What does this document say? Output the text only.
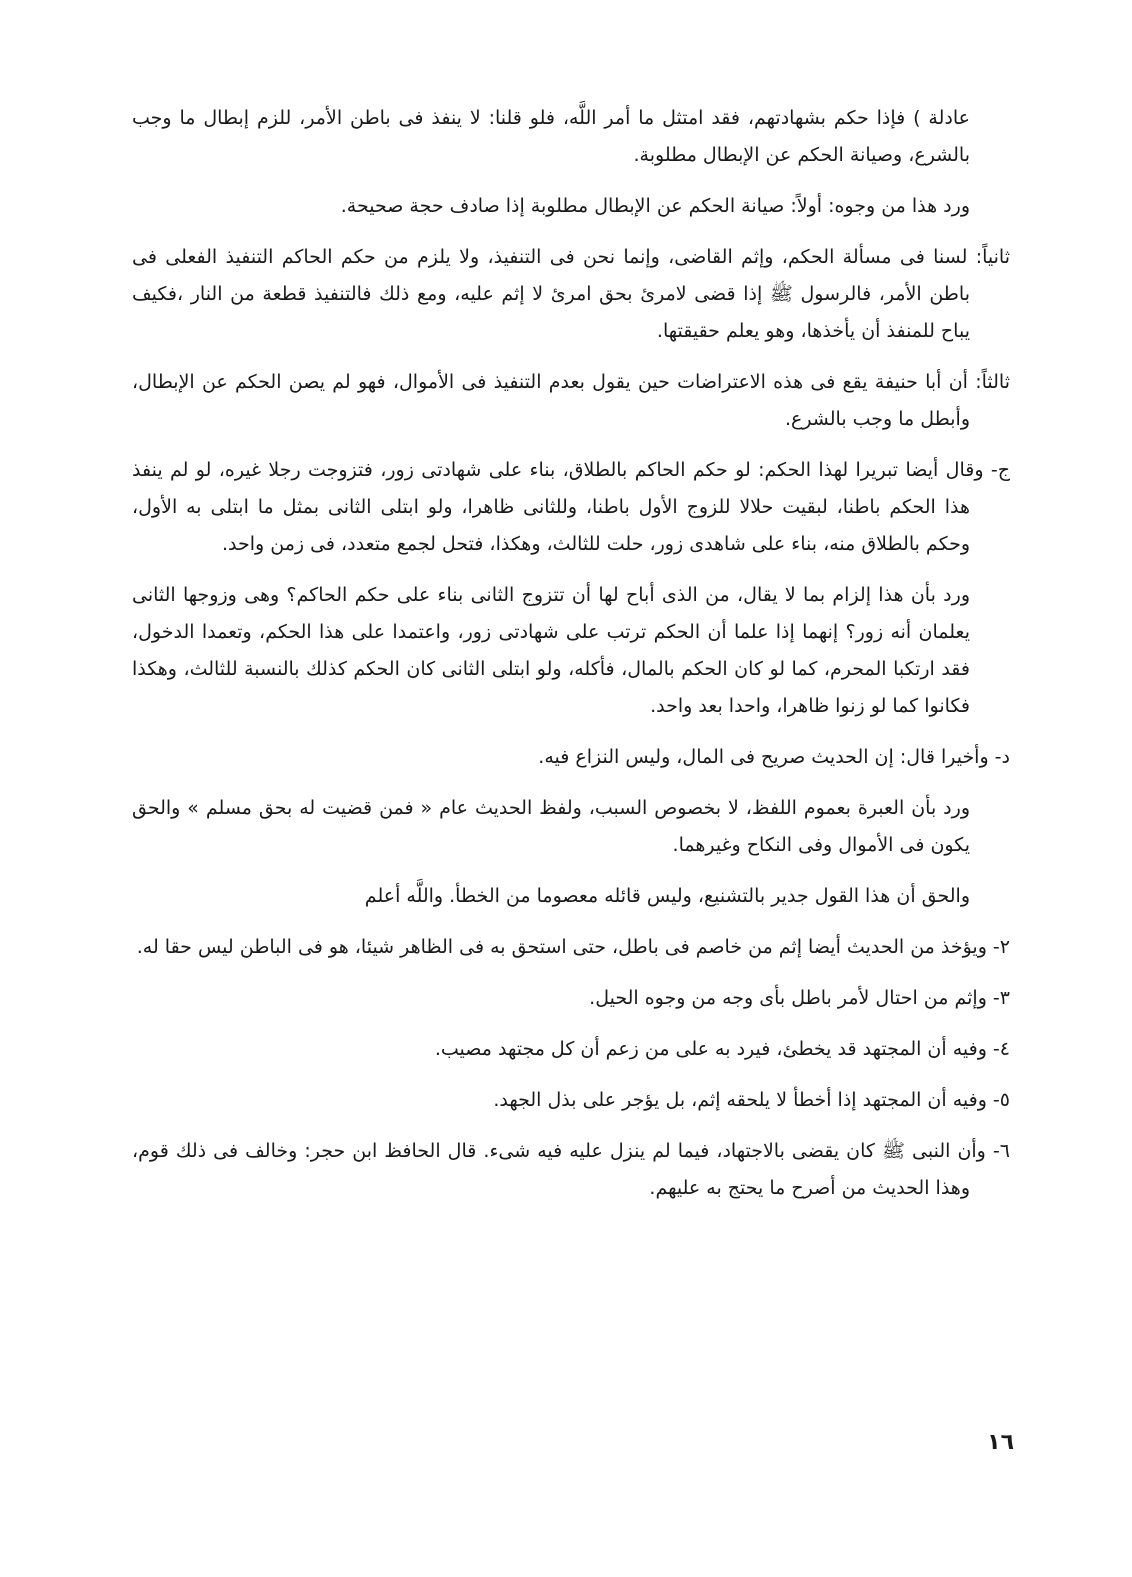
عادلة ) فإذا حكم بشهادتهم، فقد امتثل ما أمر اللَّه، فلو قلنا: لا ينفذ فى باطن الأمر، للزم إبطال ما وجب بالشرع، وصيانة الحكم عن الإبطال مطلوبة.

ورد هذا من وجوه: أولاً: صيانة الحكم عن الإبطال مطلوبة إذا صادف حجة صحيحة.

ثانياً: لسنا فى مسألة الحكم، وإثم القاضى، وإنما نحن فى التنفيذ، ولا يلزم من حكم الحاكم التنفيذ الفعلى فى باطن الأمر، فالرسول ﷺ إذا قضى لامرئ بحق امرئ لا إثم عليه، ومع ذلك فالتنفيذ قطعة من النار ،فكيف يباح للمنفذ أن يأخذها، وهو يعلم حقيقتها.

ثالثاً: أن أبا حنيفة يقع فى هذه الاعتراضات حين يقول بعدم التنفيذ فى الأموال، فهو لم يصن الحكم عن الإبطال، وأبطل ما وجب بالشرع.

ج- وقال أيضا تبريرا لهذا الحكم: لو حكم الحاكم بالطلاق، بناء على شهادتى زور، فتزوجت رجلا غيره، لو لم ينفذ هذا الحكم باطنا، لبقيت حلالا للزوج الأول باطنا، وللثانى ظاهرا، ولو ابتلى الثانى بمثل ما ابتلى به الأول، وحكم بالطلاق منه، بناء على شاهدى زور، حلت للثالث، وهكذا، فتحل لجمع متعدد، فى زمن واحد.

ورد بأن هذا إلزام بما لا يقال، من الذى أباح لها أن تتزوج الثانى بناء على حكم الحاكم؟ وهى وزوجها الثانى يعلمان أنه زور؟ إنهما إذا علما أن الحكم ترتب على شهادتى زور، واعتمدا على هذا الحكم، وتعمدا الدخول، فقد ارتكبا المحرم، كما لو كان الحكم بالمال، فأكله، ولو ابتلى الثانى كان الحكم كذلك بالنسبة للثالث، وهكذا فكانوا كما لو زنوا ظاهرا، واحدا بعد واحد.

د- وأخيرا قال: إن الحديث صريح فى المال، وليس النزاع فيه.

ورد بأن العبرة بعموم اللفظ، لا بخصوص السبب، ولفظ الحديث عام « فمن قضيت له بحق مسلم » والحق يكون فى الأموال وفى النكاح وغيرهما.

والحق أن هذا القول جدير بالتشنيع، وليس قائله معصوما من الخطأ. واللَّه أعلم

٢- ويؤخذ من الحديث أيضا إثم من خاصم فى باطل، حتى استحق به فى الظاهر شيئا، هو فى الباطن ليس حقا له.

٣- وإثم من احتال لأمر باطل بأى وجه من وجوه الحيل.

٤- وفيه أن المجتهد قد يخطئ، فيرد به على من زعم أن كل مجتهد مصيب.

٥- وفيه أن المجتهد إذا أخطأ لا يلحقه إثم، بل يؤجر على بذل الجهد.

٦- وأن النبى ﷺ كان يقضى بالاجتهاد، فيما لم ينزل عليه فيه شىء. قال الحافظ ابن حجر: وخالف فى ذلك قوم، وهذا الحديث من أصرح ما يحتج به عليهم.

١٦
